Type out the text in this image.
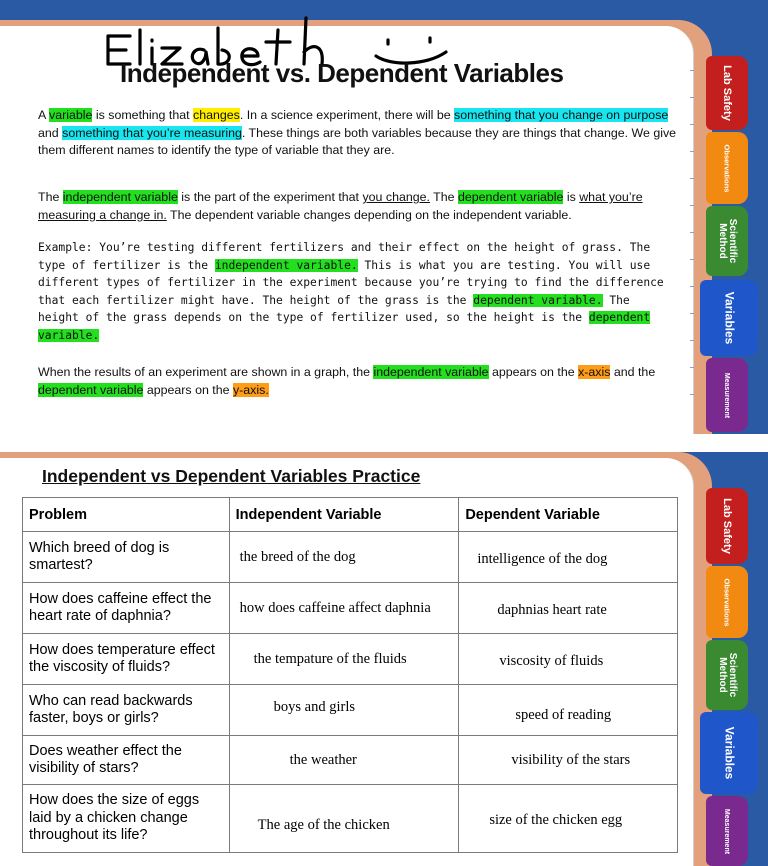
Lab Safety
Observations
Scientific Method
Variables
Measurement
Lab Safety
Observations
Scientific Method
Variables
Measurement
Independent vs. Dependent Variables

A variable is something that changes. In a science experiment, there will be something that you change on purpose and something that you’re measuring. These things are both variables because they are things that change. We give them different names to identify the type of variable that they are.

The independent variable is the part of the experiment that you change. The dependent variable is what you’re measuring a change in. The dependent variable changes depending on the independent variable.

Example: You’re testing different fertilizers and their effect on the height of grass. The type of fertilizer is the independent variable. This is what you are testing. You will use different types of fertilizer in the experiment because you’re trying to find the difference that each fertilizer might have. The height of the grass is the dependent variable. The height of the grass depends on the type of fertilizer used, so the height is the dependent variable.

When the results of an experiment are shown in a graph, the independent variable appears on the x-axis and the dependent variable appears on the y-axis.

Independent vs Dependent Variables Practice
Problem	Independent Variable	Dependent Variable
Which breed of dog is smartest?	the breed of the dog	intelligence of the dog
How does caffeine effect the heart rate of daphnia?	how does caffeine affect daphnia	daphnias heart rate
How does temperature effect the viscosity of fluids?	the tempature of the fluids	viscosity of fluids
Who can read backwards faster, boys or girls?	boys and girls	speed of reading
Does weather effect the visibility of stars?	the weather	visibility of the stars
How does the size of eggs laid by a chicken change throughout its life?	The age of the chicken	size of the chicken egg
